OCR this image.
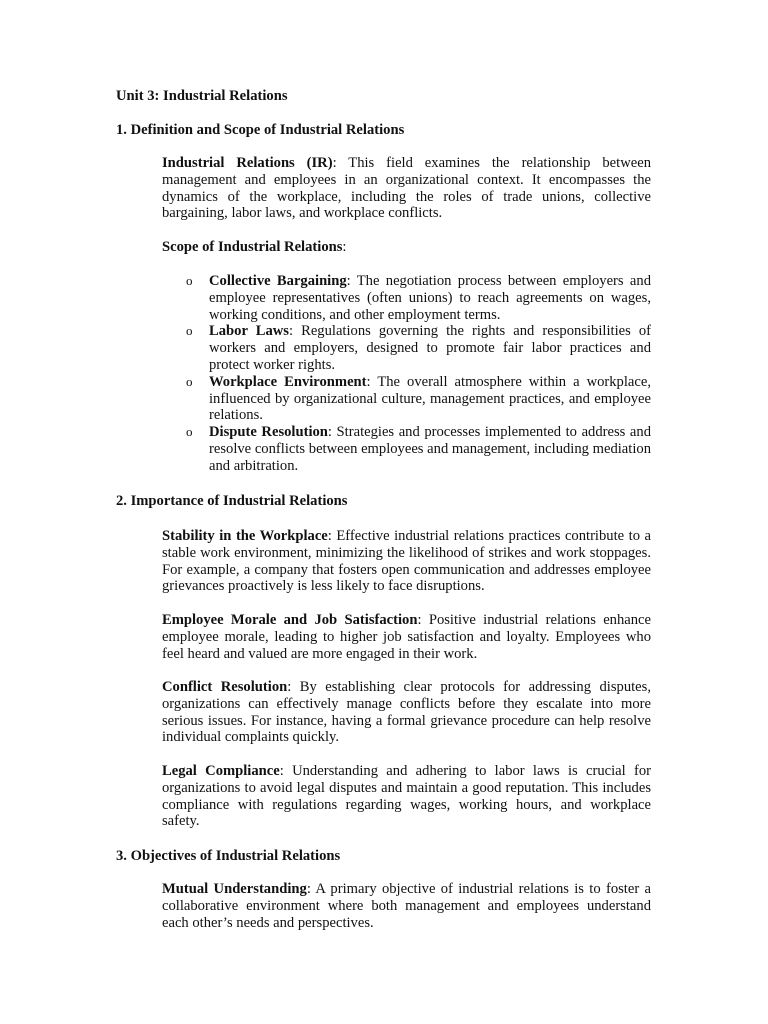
Unit 3: Industrial Relations
1. Definition and Scope of Industrial Relations

Industrial Relations (IR): This field examines the relationship between management and employees in an organizational context. It encompasses the dynamics of the workplace, including the roles of trade unions, collective bargaining, labor laws, and workplace conflicts.

Scope of Industrial Relations:

o Collective Bargaining: The negotiation process between employers and employee representatives (often unions) to reach agreements on wages, working conditions, and other employment terms.
o Labor Laws: Regulations governing the rights and responsibilities of workers and employers, designed to promote fair labor practices and protect worker rights.
o Workplace Environment: The overall atmosphere within a workplace, influenced by organizational culture, management practices, and employee relations.
o Dispute Resolution: Strategies and processes implemented to address and resolve conflicts between employees and management, including mediation and arbitration.
2. Importance of Industrial Relations

Stability in the Workplace: Effective industrial relations practices contribute to a stable work environment, minimizing the likelihood of strikes and work stoppages. For example, a company that fosters open communication and addresses employee grievances proactively is less likely to face disruptions.

Employee Morale and Job Satisfaction: Positive industrial relations enhance employee morale, leading to higher job satisfaction and loyalty. Employees who feel heard and valued are more engaged in their work.

Conflict Resolution: By establishing clear protocols for addressing disputes, organizations can effectively manage conflicts before they escalate into more serious issues. For instance, having a formal grievance procedure can help resolve individual complaints quickly.

Legal Compliance: Understanding and adhering to labor laws is crucial for organizations to avoid legal disputes and maintain a good reputation. This includes compliance with regulations regarding wages, working hours, and workplace safety.

3. Objectives of Industrial Relations

Mutual Understanding: A primary objective of industrial relations is to foster a collaborative environment where both management and employees understand each other’s needs and perspectives.
